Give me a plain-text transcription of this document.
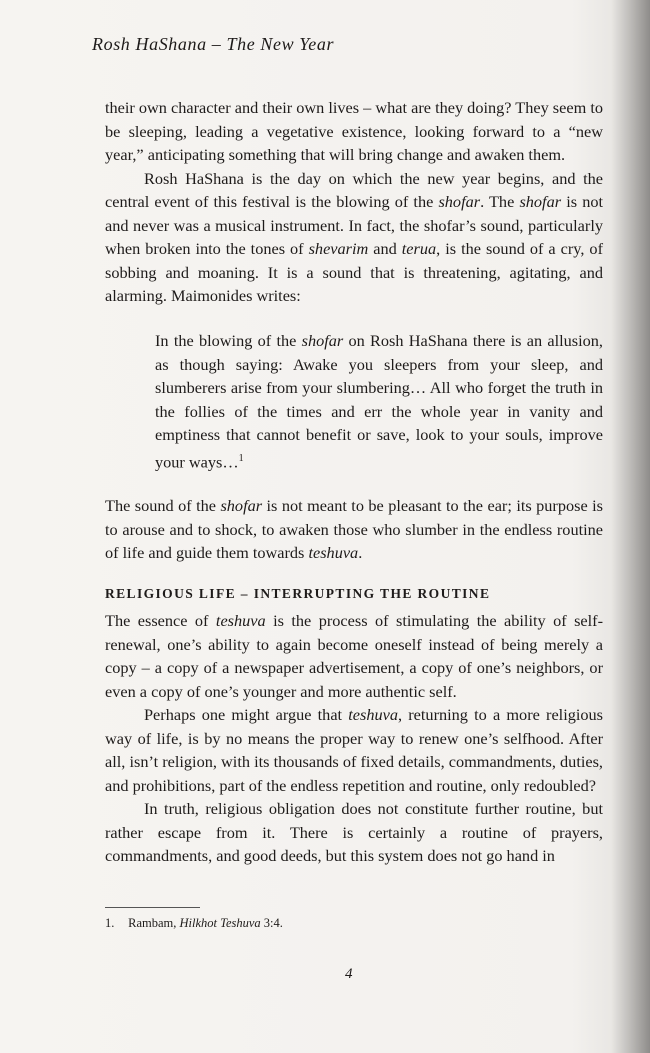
Rosh HaShana – The New Year

their own character and their own lives – what are they doing? They seem to be sleeping, leading a vegetative existence, looking forward to a “new year,” anticipating something that will bring change and awaken them.

Rosh HaShana is the day on which the new year begins, and the central event of this festival is the blowing of the shofar. The shofar is not and never was a musical instrument. In fact, the shofar’s sound, particularly when broken into the tones of shevarim and terua, is the sound of a cry, of sobbing and moaning. It is a sound that is threatening, agitating, and alarming. Maimonides writes:

In the blowing of the shofar on Rosh HaShana there is an allusion, as though saying: Awake you sleepers from your sleep, and slumberers arise from your slumbering… All who forget the truth in the follies of the times and err the whole year in vanity and emptiness that cannot benefit or save, look to your souls, improve your ways…$^1$

The sound of the shofar is not meant to be pleasant to the ear; its purpose is to arouse and to shock, to awaken those who slumber in the endless routine of life and guide them towards teshuva.

RELIGIOUS LIFE – INTERRUPTING THE ROUTINE

The essence of teshuva is the process of stimulating the ability of self-renewal, one’s ability to again become oneself instead of being merely a copy – a copy of a newspaper advertisement, a copy of one’s neighbors, or even a copy of one’s younger and more authentic self.

Perhaps one might argue that teshuva, returning to a more religious way of life, is by no means the proper way to renew one’s selfhood. After all, isn’t religion, with its thousands of fixed details, commandments, duties, and prohibitions, part of the endless repetition and routine, only redoubled?

In truth, religious obligation does not constitute further routine, but rather escape from it. There is certainly a routine of prayers, commandments, and good deeds, but this system does not go hand in

1. Rambam, Hilkhot Teshuva 3:4.
4
